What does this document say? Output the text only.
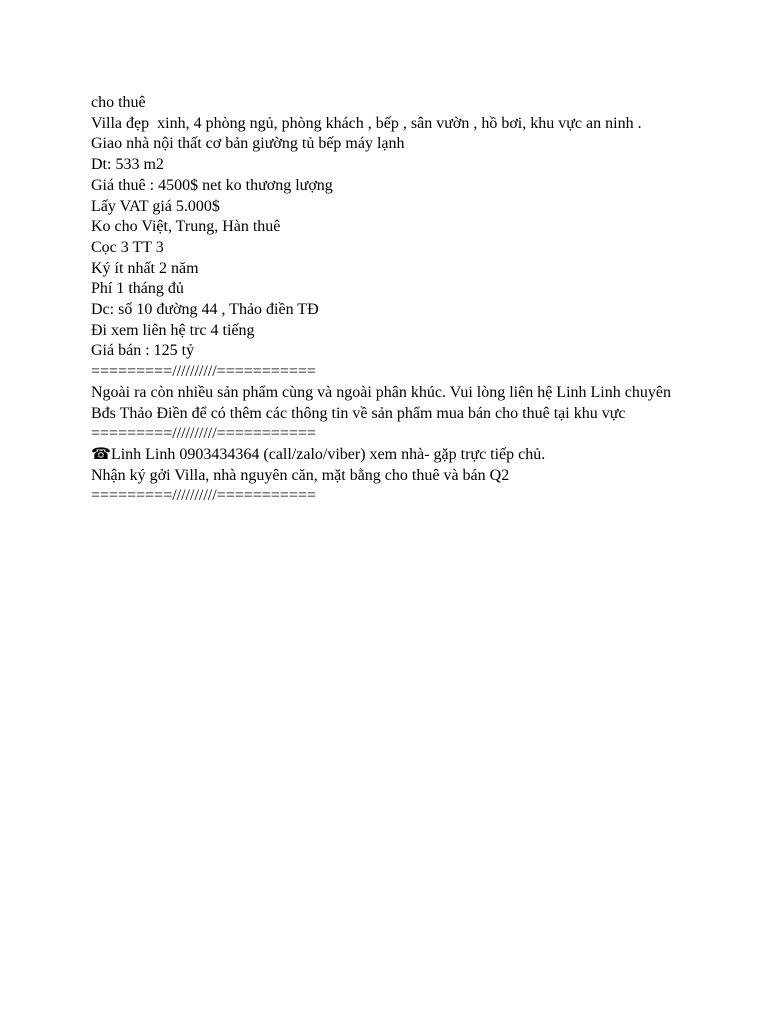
cho thuê

Villa đẹp  xinh, 4 phòng ngủ, phòng khách , bếp , sân vườn , hồ bơi, khu vực an ninh .

Giao nhà nội thất cơ bản giường tủ bếp máy lạnh

Dt: 533 m2

Giá thuê : 4500$ net ko thương lượng

Lấy VAT giá 5.000$

Ko cho Việt, Trung, Hàn thuê

Cọc 3 TT 3

Ký ít nhất 2 năm

Phí 1 tháng đủ

Dc: số 10 đường 44 , Thảo điền TĐ

Đi xem liên hệ trc 4 tiếng

Giá bán : 125 tỷ

=========//////////===========

Ngoài ra còn nhiều sản phẩm cùng và ngoài phân khúc. Vui lòng liên hệ Linh Linh chuyên Bđs Thảo Điền để có thêm các thông tin về sản phẩm mua bán cho thuê tại khu vực

=========//////////===========

☎Linh Linh 0903434364 (call/zalo/viber) xem nhà- gặp trực tiếp chủ.

Nhận ký gởi Villa, nhà nguyên căn, mặt bằng cho thuê và bán Q2

=========//////////===========
